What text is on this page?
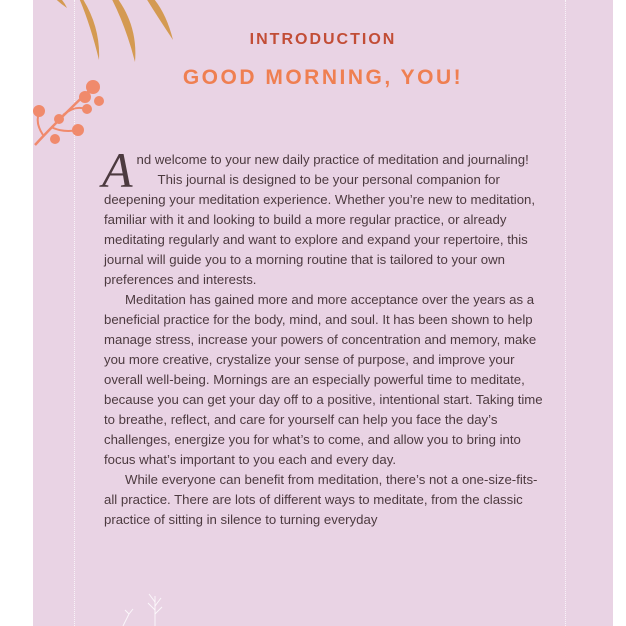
INTRODUCTION
GOOD MORNING, YOU!

And welcome to your new daily practice of meditation and journaling!

This journal is designed to be your personal companion for deepening your meditation experience. Whether you’re new to meditation, familiar with it and looking to build a more regular practice, or already meditating regularly and want to explore and expand your repertoire, this journal will guide you to a morning routine that is tailored to your own preferences and interests.

Meditation has gained more and more acceptance over the years as a beneficial practice for the body, mind, and soul. It has been shown to help manage stress, increase your powers of concentration and memory, make you more creative, crystalize your sense of purpose, and improve your overall well-being. Mornings are an especially powerful time to meditate, because you can get your day off to a positive, intentional start. Taking time to breathe, reflect, and care for yourself can help you face the day’s challenges, energize you for what’s to come, and allow you to bring into focus what’s important to you each and every day.

While everyone can benefit from meditation, there’s not a one-size-fits-all practice. There are lots of different ways to meditate, from the classic practice of sitting in silence to turning everyday
